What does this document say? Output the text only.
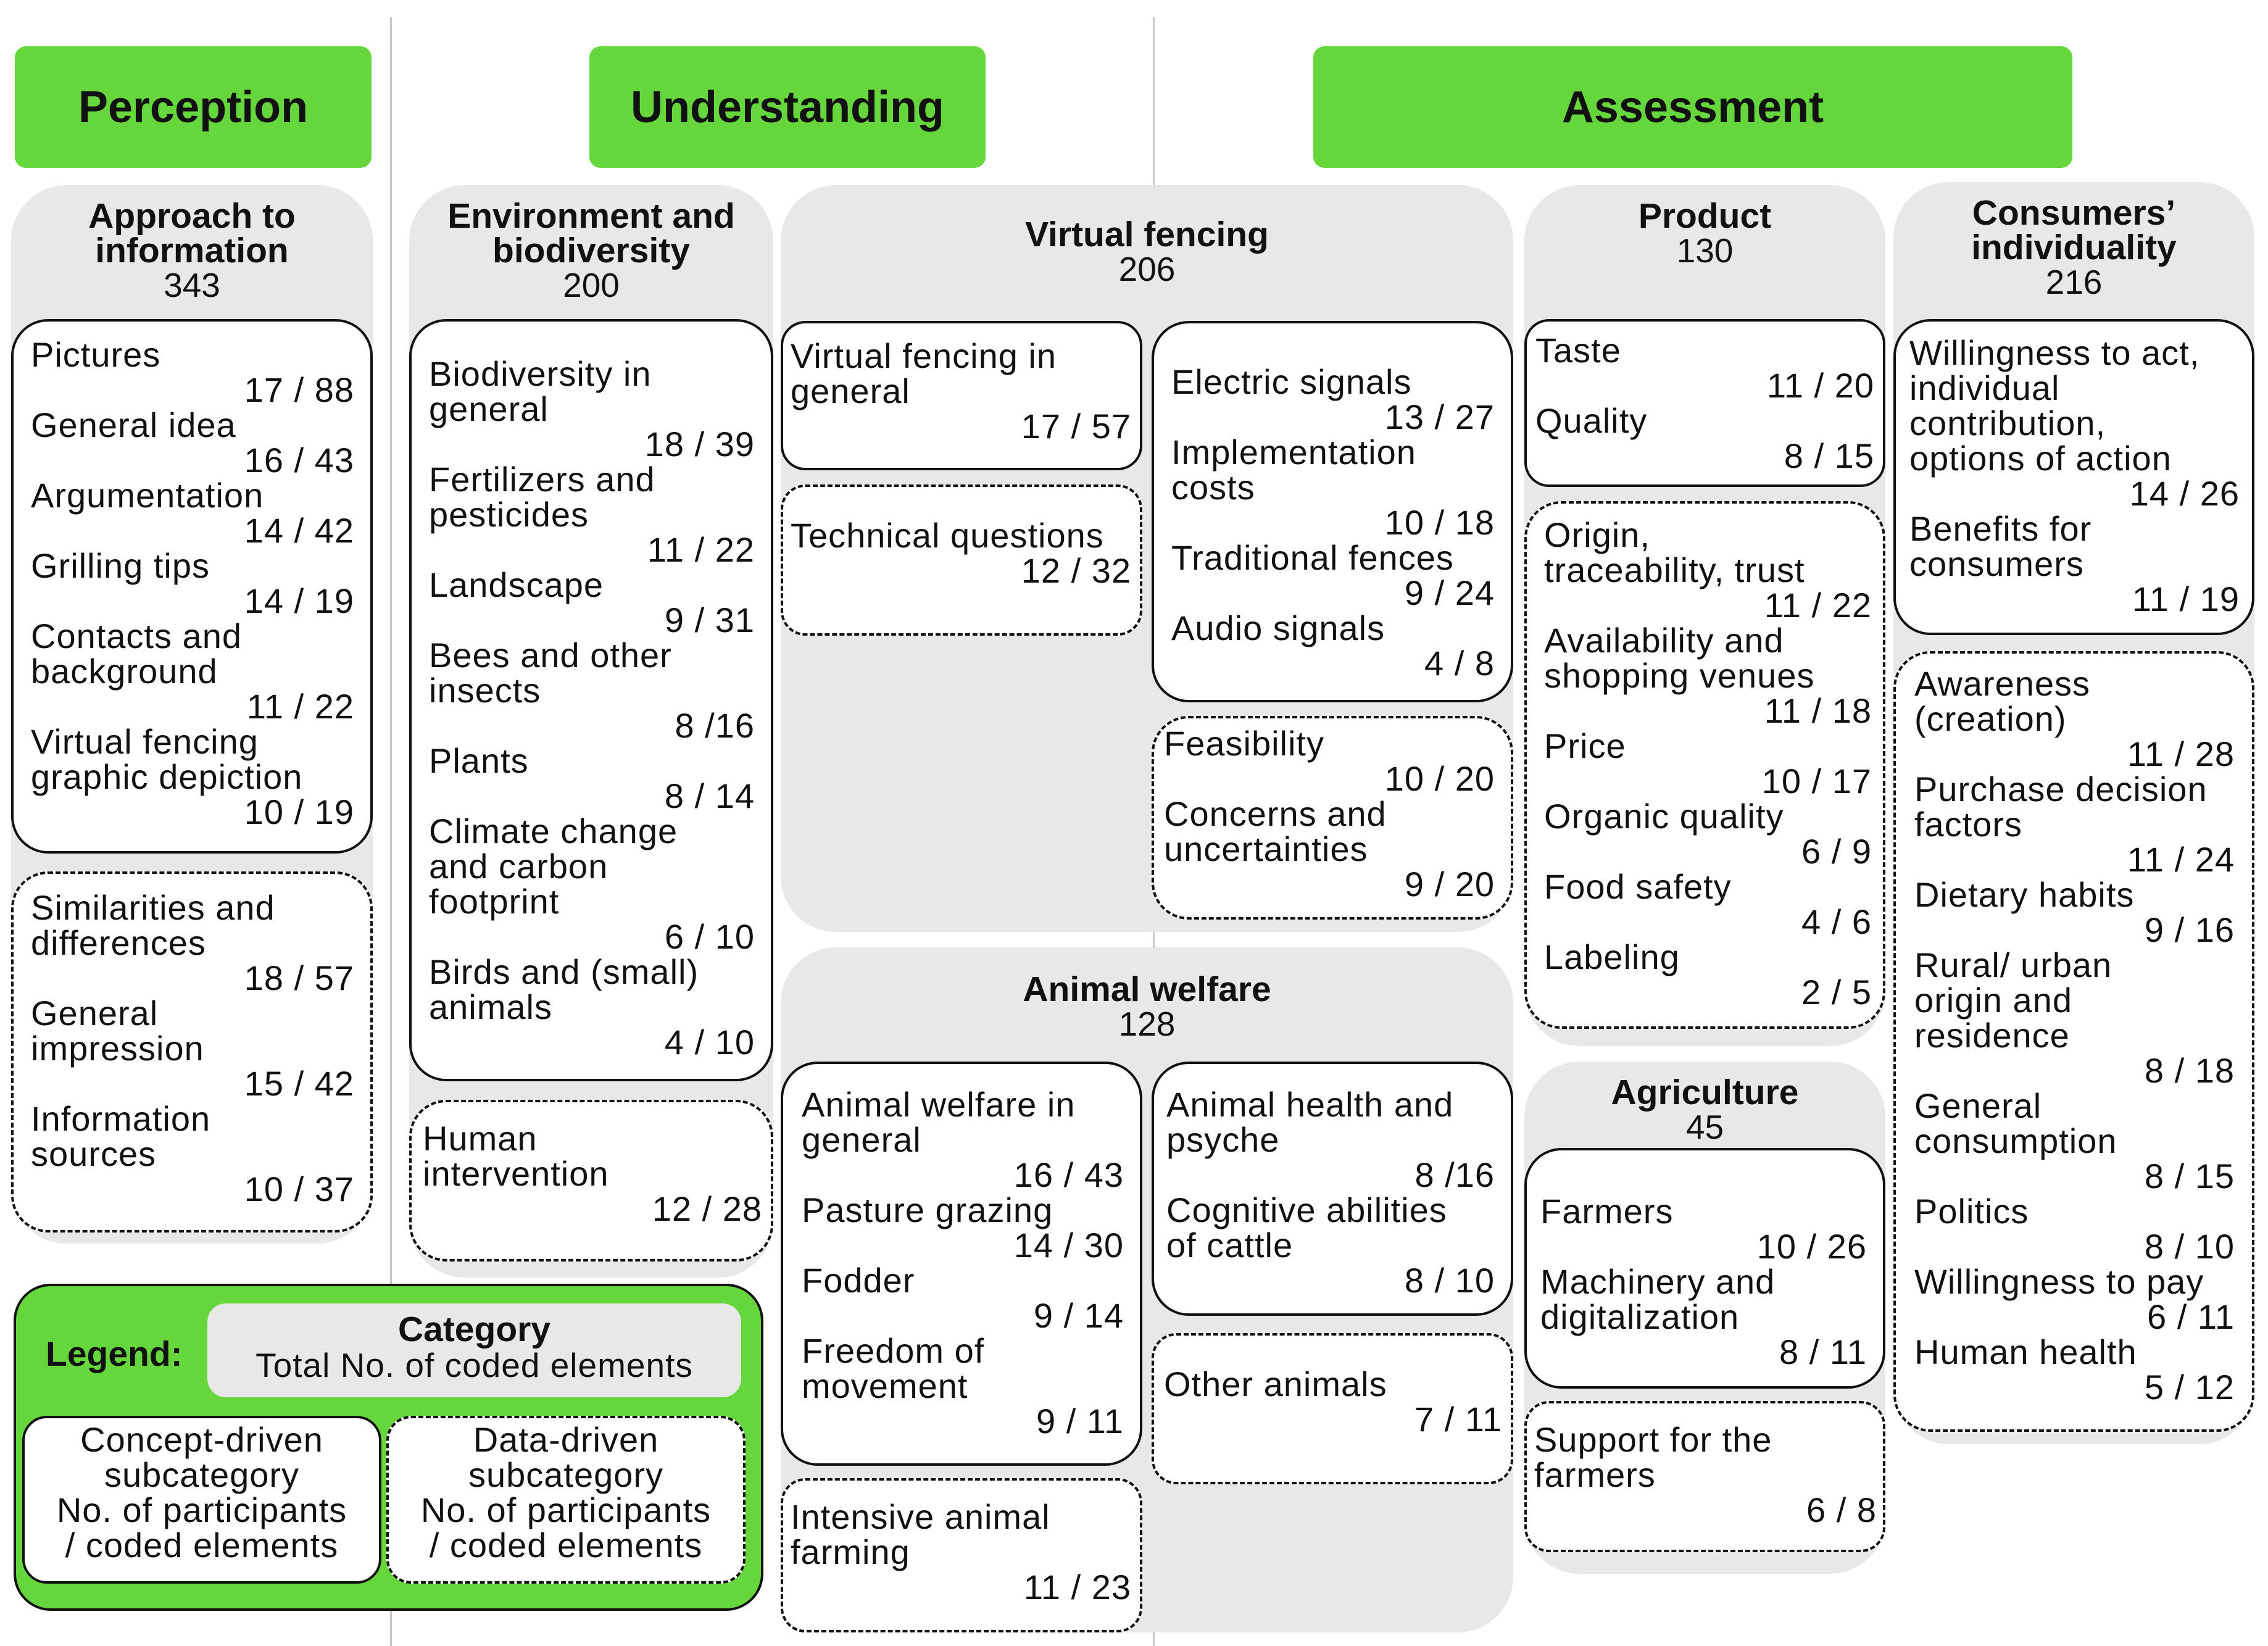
Perception	Understanding	Assessment
Approach to
information
343
Pictures
17 / 88
General idea
16 / 43
Argumentation
14 / 42
Grilling tips
14 / 19
Contacts and
background
11 / 22
Virtual fencing
graphic depiction
10 / 19
Similarities and
differences
18 / 57
General
impression
15 / 42
Information
sources
10 / 37
Environment and
biodiversity
200
Biodiversity in
general
18 / 39
Fertilizers and
pesticides
11 / 22
Landscape
9 / 31
Bees and other
insects
8 /16
Plants
8 / 14
Climate change
and carbon
footprint
6 / 10
Birds and (small)
animals
4 / 10
Human
intervention
12 / 28
Virtual fencing
206
Virtual fencing in
general
17 / 57
Technical questions
12 / 32
Electric signals
13 / 27
Implementation
costs
10 / 18
Traditional fences
9 / 24
Audio signals
4 / 8
Feasibility
10 / 20
Concerns and
uncertainties
9 / 20
Animal welfare
128
Animal welfare in
general
16 / 43
Pasture grazing
14 / 30
Fodder
9 / 14
Freedom of
movement
9 / 11
Intensive animal
farming
11 / 23
Animal health and
psyche
8 /16
Cognitive abilities
of cattle
8 / 10
Other animals
7 / 11
Product
130
Taste
11 / 20
Quality
8 / 15
Origin,
traceability, trust
11 / 22
Availability and
shopping venues
11 / 18
Price
10 / 17
Organic quality
6 / 9
Food safety
4 / 6
Labeling
2 / 5
Agriculture
45
Farmers
10 / 26
Machinery and
digitalization
8 / 11
Support for the
farmers
6 / 8
Consumers’
individuality
216
Willingness to act,
individual
contribution,
options of action
14 / 26
Benefits for
consumers
11 / 19
Awareness
(creation)
11 / 28
Purchase decision
factors
11 / 24
Dietary habits
9 / 16
Rural/ urban
origin and
residence
8 / 18
General
consumption
8 / 15
Politics
8 / 10
Willingness to pay
6 / 11
Human health
5 / 12
Legend:
Category
Total No. of coded elements
Concept-driven
subcategory
No. of participants
/ coded elements
Data-driven
subcategory
No. of participants
/ coded elements
